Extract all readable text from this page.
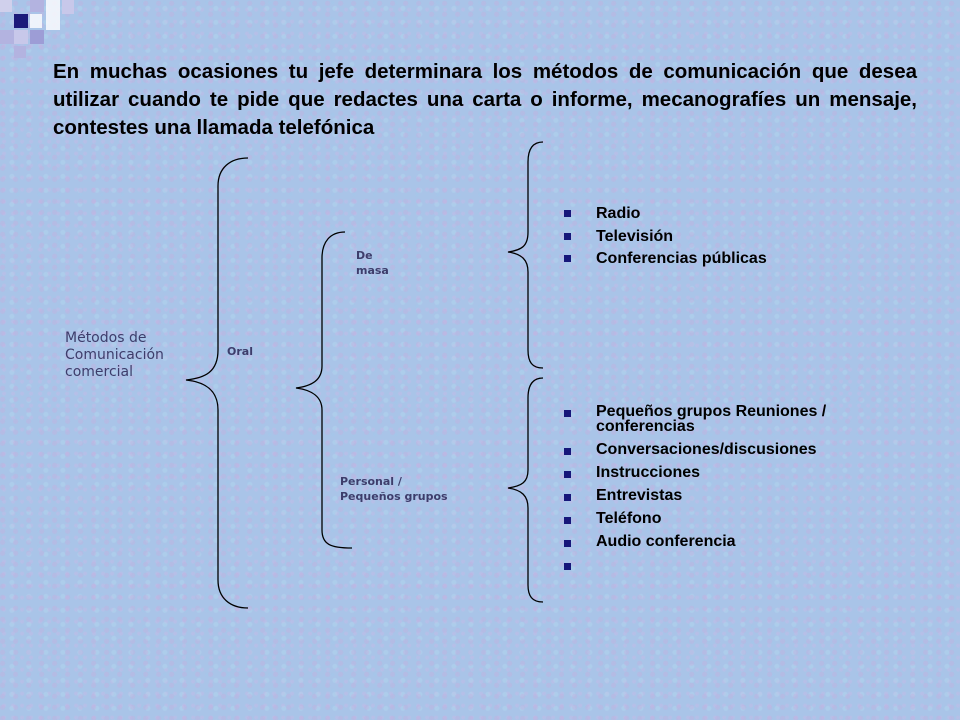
En muchas ocasiones tu jefe determinara los métodos de comunicación que desea utilizar cuando te pide que redactes una carta o informe, mecanografíes un mensaje, contestes una llamada telefónica
Métodos de
Comunicación
comercial
Oral
De
masa
Personal /
Pequeños grupos
Radio
Televisión
Conferencias públicas
Pequeños grupos Reuniones / conferencias
Conversaciones/discusiones
Instrucciones
Entrevistas
Teléfono
Audio conferencia
